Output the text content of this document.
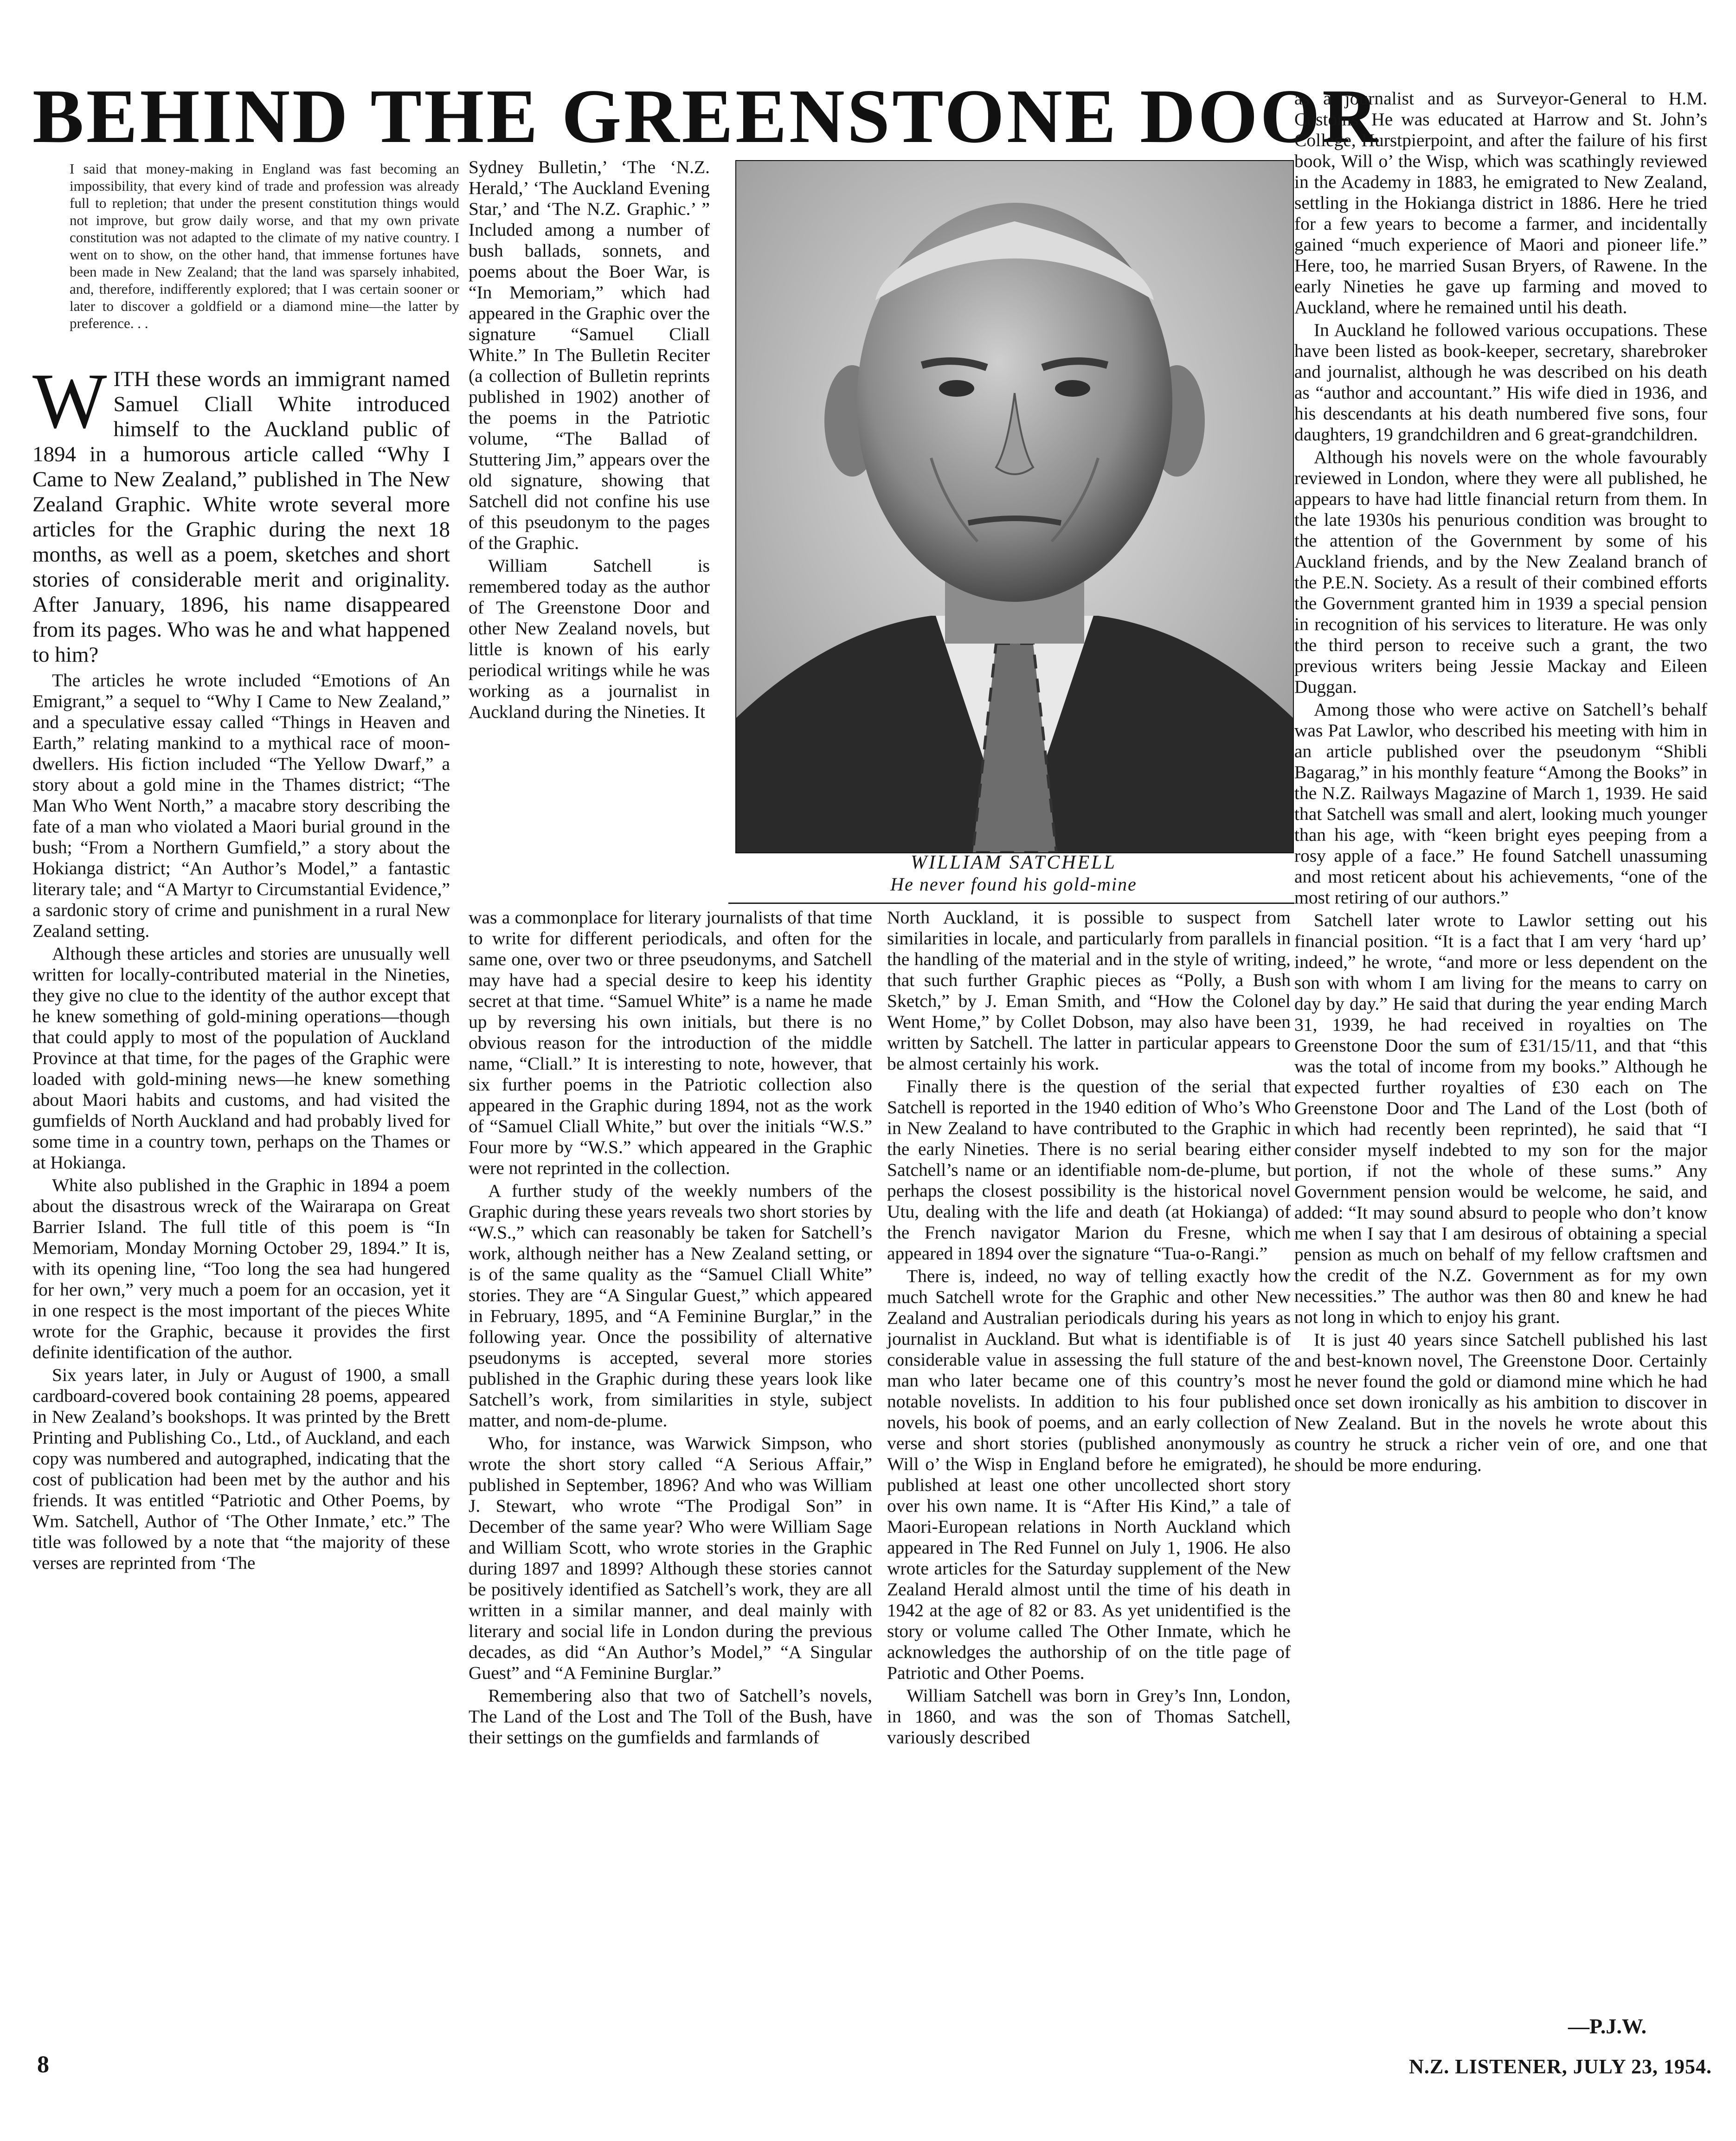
BEHIND THE GREENSTONE DOOR
I said that money-making in England was fast becoming an impossibility, that every kind of trade and profession was already full to repletion; that under the present constitution things would not improve, but grow daily worse, and that my own private constitution was not adapted to the climate of my native country. I went on to show, on the other hand, that immense fortunes have been made in New Zealand; that the land was sparsely inhabited, and, therefore, indifferently explored; that I was certain sooner or later to discover a goldfield or a diamond mine—the latter by preference. . .
WITH these words an immigrant named Samuel Cliall White introduced himself to the Auckland public of 1894 in a humorous article called “Why I Came to New Zealand,” published in The New Zealand Graphic. White wrote several more articles for the Graphic during the next 18 months, as well as a poem, sketches and short stories of considerable merit and originality. After January, 1896, his name disappeared from its pages. Who was he and what happened to him?

The articles he wrote included “Emotions of An Emigrant,” a sequel to “Why I Came to New Zealand,” and a speculative essay called “Things in Heaven and Earth,” relating mankind to a mythical race of moon-dwellers. His fiction included “The Yellow Dwarf,” a story about a gold mine in the Thames district; “The Man Who Went North,” a macabre story describing the fate of a man who violated a Maori burial ground in the bush; “From a Northern Gumfield,” a story about the Hokianga district; “An Author’s Model,” a fantastic literary tale; and “A Martyr to Circumstantial Evidence,” a sardonic story of crime and punishment in a rural New Zealand setting.

Although these articles and stories are unusually well written for locally-contributed material in the Nineties, they give no clue to the identity of the author except that he knew something of gold-mining operations—though that could apply to most of the population of Auckland Province at that time, for the pages of the Graphic were loaded with gold-mining news—he knew something about Maori habits and customs, and had visited the gumfields of North Auckland and had probably lived for some time in a country town, perhaps on the Thames or at Hokianga.

White also published in the Graphic in 1894 a poem about the disastrous wreck of the Wairarapa on Great Barrier Island. The full title of this poem is “In Memoriam, Monday Morning October 29, 1894.” It is, with its opening line, “Too long the sea had hungered for her own,” very much a poem for an occasion, yet it in one respect is the most important of the pieces White wrote for the Graphic, because it provides the first definite identification of the author.

Six years later, in July or August of 1900, a small cardboard-covered book containing 28 poems, appeared in New Zealand’s bookshops. It was printed by the Brett Printing and Publishing Co., Ltd., of Auckland, and each copy was numbered and autographed, indicating that the cost of publication had been met by the author and his friends. It was entitled “Patriotic and Other Poems, by Wm. Satchell, Author of ‘The Other Inmate,’ etc.” The title was followed by a note that “the majority of these verses are reprinted from ‘The

Sydney Bulletin,’ ‘The ‘N.Z. Herald,’ ‘The Auckland Evening Star,’ and ‘The N.Z. Graphic.’ ” Included among a number of bush ballads, sonnets, and poems about the Boer War, is “In Memoriam,” which had appeared in the Graphic over the signature “Samuel Cliall White.” In The Bulletin Reciter (a collection of Bulletin reprints published in 1902) another of the poems in the Patriotic volume, “The Ballad of Stuttering Jim,” appears over the old signature, showing that Satchell did not confine his use of this pseudonym to the pages of the Graphic.

William Satchell is remembered today as the author of The Greenstone Door and other New Zealand novels, but little is known of his early periodical writings while he was working as a journalist in Auckland during the Nineties. It

WILLIAM SATCHELL
He never found his gold-mine

was a commonplace for literary journalists of that time to write for different periodicals, and often for the same one, over two or three pseudonyms, and Satchell may have had a special desire to keep his identity secret at that time. “Samuel White” is a name he made up by reversing his own initials, but there is no obvious reason for the introduction of the middle name, “Cliall.” It is interesting to note, however, that six further poems in the Patriotic collection also appeared in the Graphic during 1894, not as the work of “Samuel Cliall White,” but over the initials “W.S.” Four more by “W.S.” which appeared in the Graphic were not reprinted in the collection.

A further study of the weekly numbers of the Graphic during these years reveals two short stories by “W.S.,” which can reasonably be taken for Satchell’s work, although neither has a New Zealand setting, or is of the same quality as the “Samuel Cliall White” stories. They are “A Singular Guest,” which appeared in February, 1895, and “A Feminine Burglar,” in the following year. Once the possibility of alternative pseudonyms is accepted, several more stories published in the Graphic during these years look like Satchell’s work, from similarities in style, subject matter, and nom-de-plume.

Who, for instance, was Warwick Simpson, who wrote the short story called “A Serious Affair,” published in September, 1896? And who was William J. Stewart, who wrote “The Prodigal Son” in December of the same year? Who were William Sage and William Scott, who wrote stories in the Graphic during 1897 and 1899? Although these stories cannot be positively identified as Satchell’s work, they are all written in a similar manner, and deal mainly with literary and social life in London during the previous decades, as did “An Author’s Model,” “A Singular Guest” and “A Feminine Burglar.”

Remembering also that two of Satchell’s novels, The Land of the Lost and The Toll of the Bush, have their settings on the gumfields and farmlands of

North Auckland, it is possible to suspect from similarities in locale, and particularly from parallels in the handling of the material and in the style of writing, that such further Graphic pieces as “Polly, a Bush Sketch,” by J. Eman Smith, and “How the Colonel Went Home,” by Collet Dobson, may also have been written by Satchell. The latter in particular appears to be almost certainly his work.

Finally there is the question of the serial that Satchell is reported in the 1940 edition of Who’s Who in New Zealand to have contributed to the Graphic in the early Nineties. There is no serial bearing either Satchell’s name or an identifiable nom-de-plume, but perhaps the closest possibility is the historical novel Utu, dealing with the life and death (at Hokianga) of the French navigator Marion du Fresne, which appeared in 1894 over the signature “Tua-o-Rangi.”

There is, indeed, no way of telling exactly how much Satchell wrote for the Graphic and other New Zealand and Australian periodicals during his years as journalist in Auckland. But what is identifiable is of considerable value in assessing the full stature of the man who later became one of this country’s most notable novelists. In addition to his four published novels, his book of poems, and an early collection of verse and short stories (published anonymously as Will o’ the Wisp in England before he emigrated), he published at least one other uncollected short story over his own name. It is “After His Kind,” a tale of Maori-European relations in North Auckland which appeared in The Red Funnel on July 1, 1906. He also wrote articles for the Saturday supplement of the New Zealand Herald almost until the time of his death in 1942 at the age of 82 or 83. As yet unidentified is the story or volume called The Other Inmate, which he acknowledges the authorship of on the title page of Patriotic and Other Poems.

William Satchell was born in Grey’s Inn, London, in 1860, and was the son of Thomas Satchell, variously described

as a journalist and as Surveyor-General to H.M. Customs. He was educated at Harrow and St. John’s College, Hurstpierpoint, and after the failure of his first book, Will o’ the Wisp, which was scathingly reviewed in the Academy in 1883, he emigrated to New Zealand, settling in the Hokianga district in 1886. Here he tried for a few years to become a farmer, and incidentally gained “much experience of Maori and pioneer life.” Here, too, he married Susan Bryers, of Rawene. In the early Nineties he gave up farming and moved to Auckland, where he remained until his death.

In Auckland he followed various occupations. These have been listed as book-keeper, secretary, sharebroker and journalist, although he was described on his death as “author and accountant.” His wife died in 1936, and his descendants at his death numbered five sons, four daughters, 19 grandchildren and 6 great-grandchildren.

Although his novels were on the whole favourably reviewed in London, where they were all published, he appears to have had little financial return from them. In the late 1930s his penurious condition was brought to the attention of the Government by some of his Auckland friends, and by the New Zealand branch of the P.E.N. Society. As a result of their combined efforts the Government granted him in 1939 a special pension in recognition of his services to literature. He was only the third person to receive such a grant, the two previous writers being Jessie Mackay and Eileen Duggan.

Among those who were active on Satchell’s behalf was Pat Lawlor, who described his meeting with him in an article published over the pseudonym “Shibli Bagarag,” in his monthly feature “Among the Books” in the N.Z. Railways Magazine of March 1, 1939. He said that Satchell was small and alert, looking much younger than his age, with “keen bright eyes peeping from a rosy apple of a face.” He found Satchell unassuming and most reticent about his achievements, “one of the most retiring of our authors.”

Satchell later wrote to Lawlor setting out his financial position. “It is a fact that I am very ‘hard up’ indeed,” he wrote, “and more or less dependent on the son with whom I am living for the means to carry on day by day.” He said that during the year ending March 31, 1939, he had received in royalties on The Greenstone Door the sum of £31/15/11, and that “this was the total of income from my books.” Although he expected further royalties of £30 each on The Greenstone Door and The Land of the Lost (both of which had recently been reprinted), he said that “I consider myself indebted to my son for the major portion, if not the whole of these sums.” Any Government pension would be welcome, he said, and added: “It may sound absurd to people who don’t know me when I say that I am desirous of obtaining a special pension as much on behalf of my fellow craftsmen and the credit of the N.Z. Government as for my own necessities.” The author was then 80 and knew he had not long in which to enjoy his grant.

It is just 40 years since Satchell published his last and best-known novel, The Greenstone Door. Certainly he never found the gold or diamond mine which he had once set down ironically as his ambition to discover in New Zealand. But in the novels he wrote about this country he struck a richer vein of ore, and one that should be more enduring.

—P.J.W.
8	N.Z. LISTENER, JULY 23, 1954.
